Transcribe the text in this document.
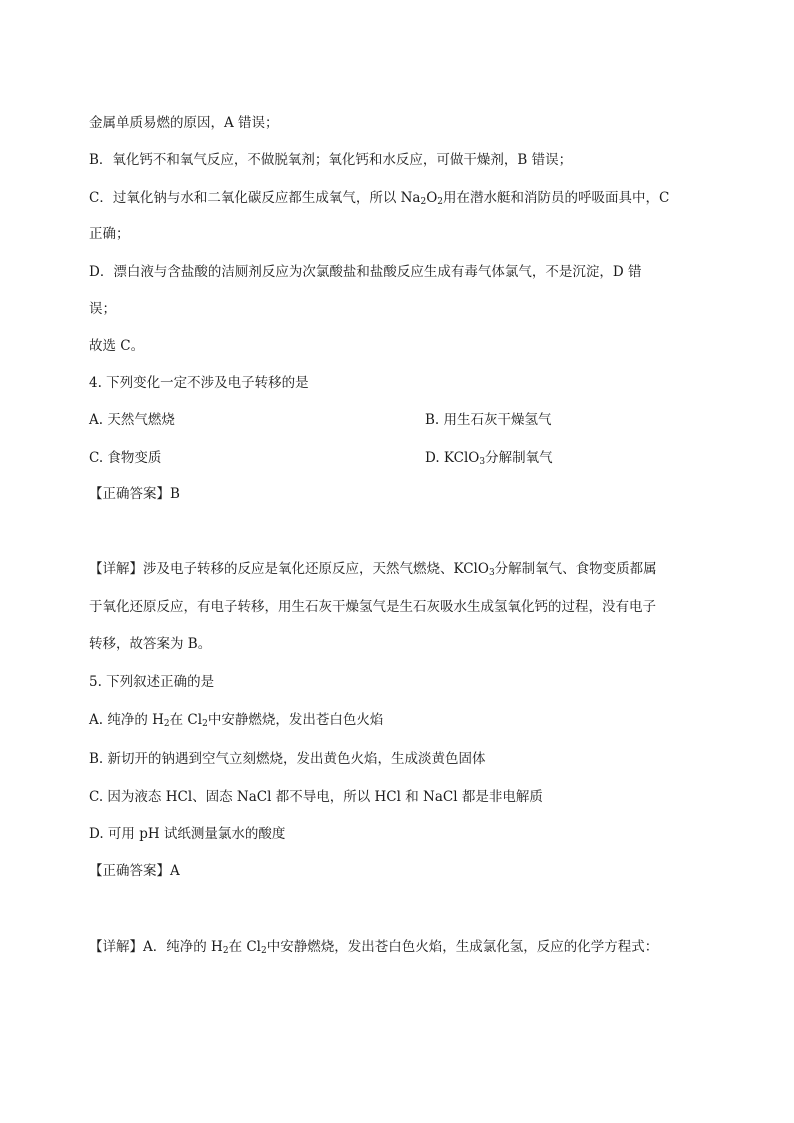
金属单质易燃的原因，A 错误；
B．氧化钙不和氧气反应，不做脱氧剂；氧化钙和水反应，可做干燥剂，B 错误；
C．过氧化钠与水和二氧化碳反应都生成氧气，所以 $Na_2O_2$用在潜水艇和消防员的呼吸面具中，C
正确；
D．漂白液与含盐酸的洁厕剂反应为次氯酸盐和盐酸反应生成有毒气体氯气，不是沉淀，D 错
误；
故选 C。
4. 下列变化一定不涉及电子转移的是
A. 天然气燃烧	B. 用生石灰干燥氢气
C. 食物变质	D. KClO$_3$分解制氧气
【正确答案】B
【详解】涉及电子转移的反应是氧化还原反应，天然气燃烧、KClO$_3$分解制氧气、食物变质都属
于氧化还原反应，有电子转移，用生石灰干燥氢气是生石灰吸水生成氢氧化钙的过程，没有电子
转移，故答案为 B。
5. 下列叙述正确的是
A. 纯净的 $H_2$在 $Cl_2$中安静燃烧，发出苍白色火焰
B. 新切开的钠遇到空气立刻燃烧，发出黄色火焰，生成淡黄色固体
C. 因为液态 HCl、固态 NaCl 都不导电，所以 HCl 和 NaCl 都是非电解质
D. 可用 pH 试纸测量氯水的酸度
【正确答案】A
【详解】A．纯净的 $H_2$在 $Cl_2$中安静燃烧，发出苍白色火焰，生成氯化氢，反应的化学方程式：
